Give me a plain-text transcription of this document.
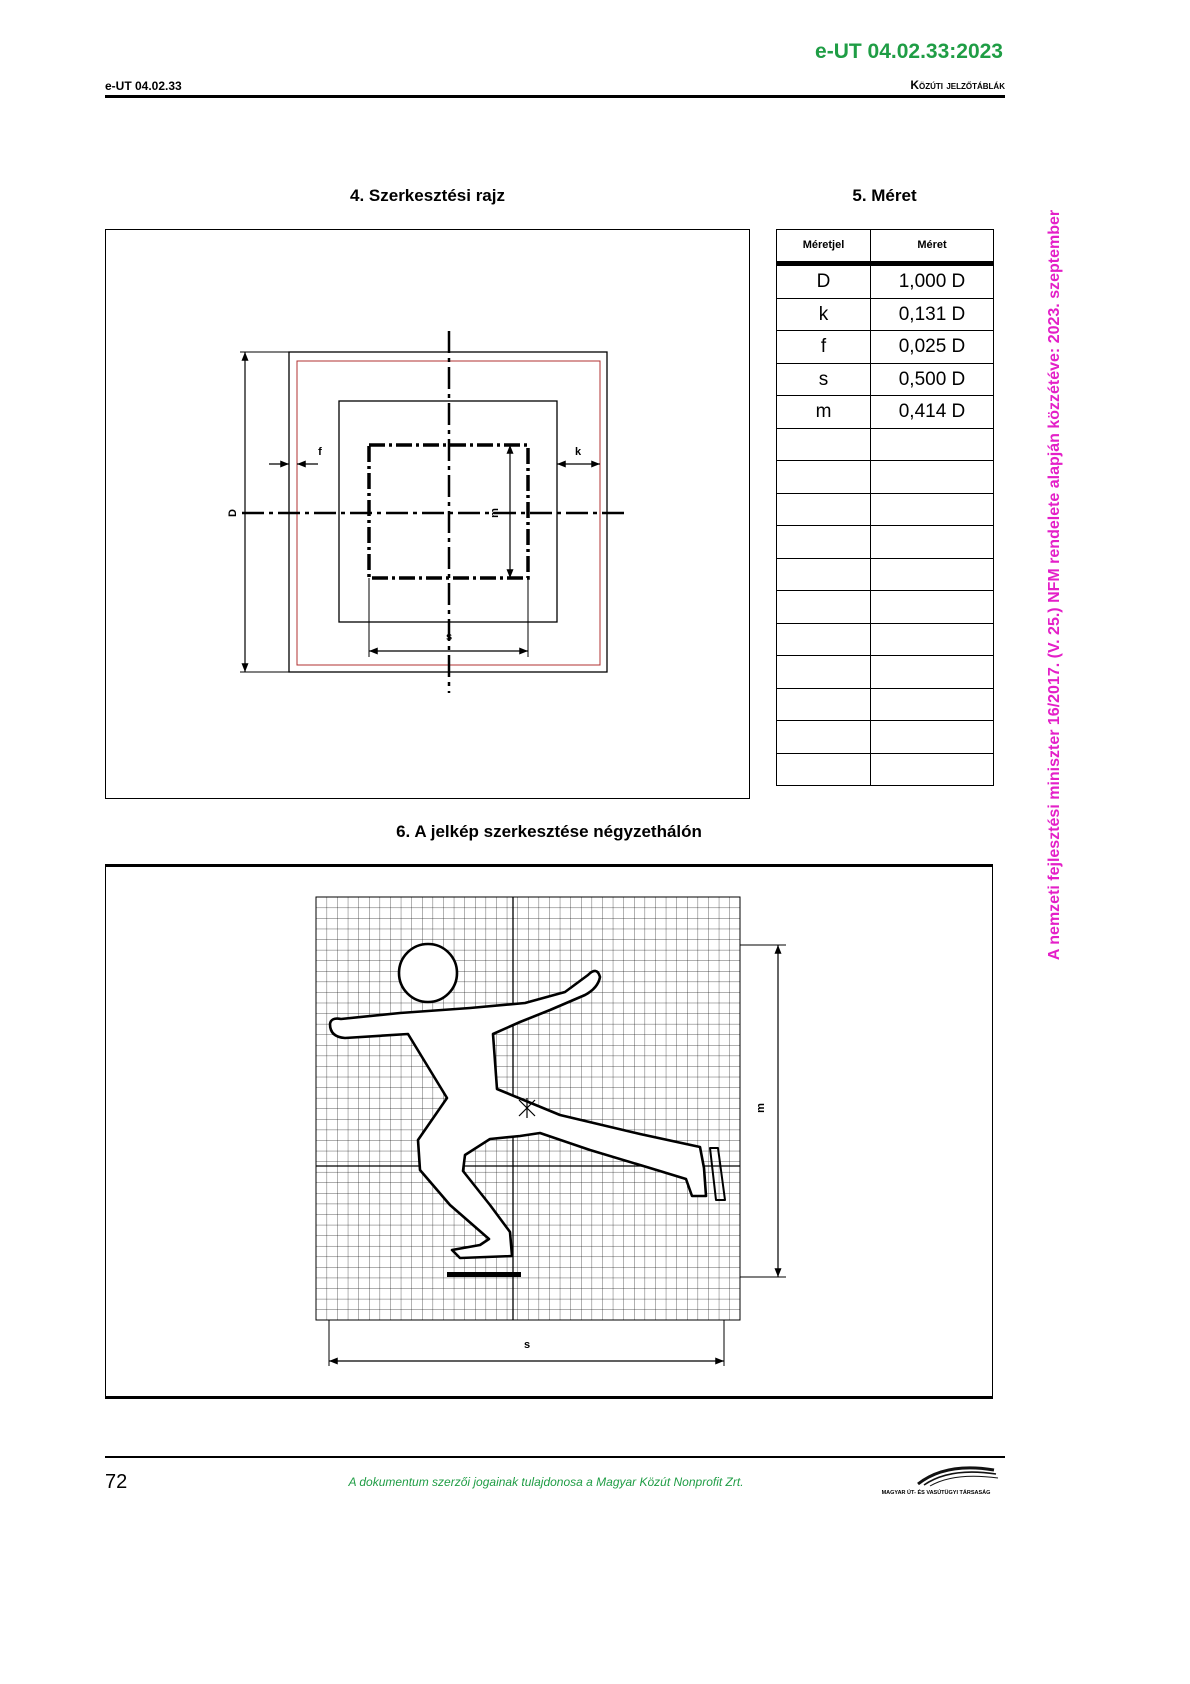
e-UT 04.02.33:2023
e-UT 04.02.33	Közúti jelzőtáblák
4. Szerkesztési rajz	5. Méret
Méretjel	Méret
D	1,000 D
k	0,131 D
f	0,025 D
s	0,500 D
m	0,414 D

6. A jelkép szerkesztése négyzethálón
D
f	k
m
s
m
s
A nemzeti fejlesztési miniszter 16/2017. (V. 25.) NFM rendelete alapján közzétéve: 2023. szeptember
72	A dokumentum szerzői jogainak tulajdonosa a Magyar Közút Nonprofit Zrt.
MAGYAR ÚT- ÉS VASÚTÜGYI TÁRSASÁG
